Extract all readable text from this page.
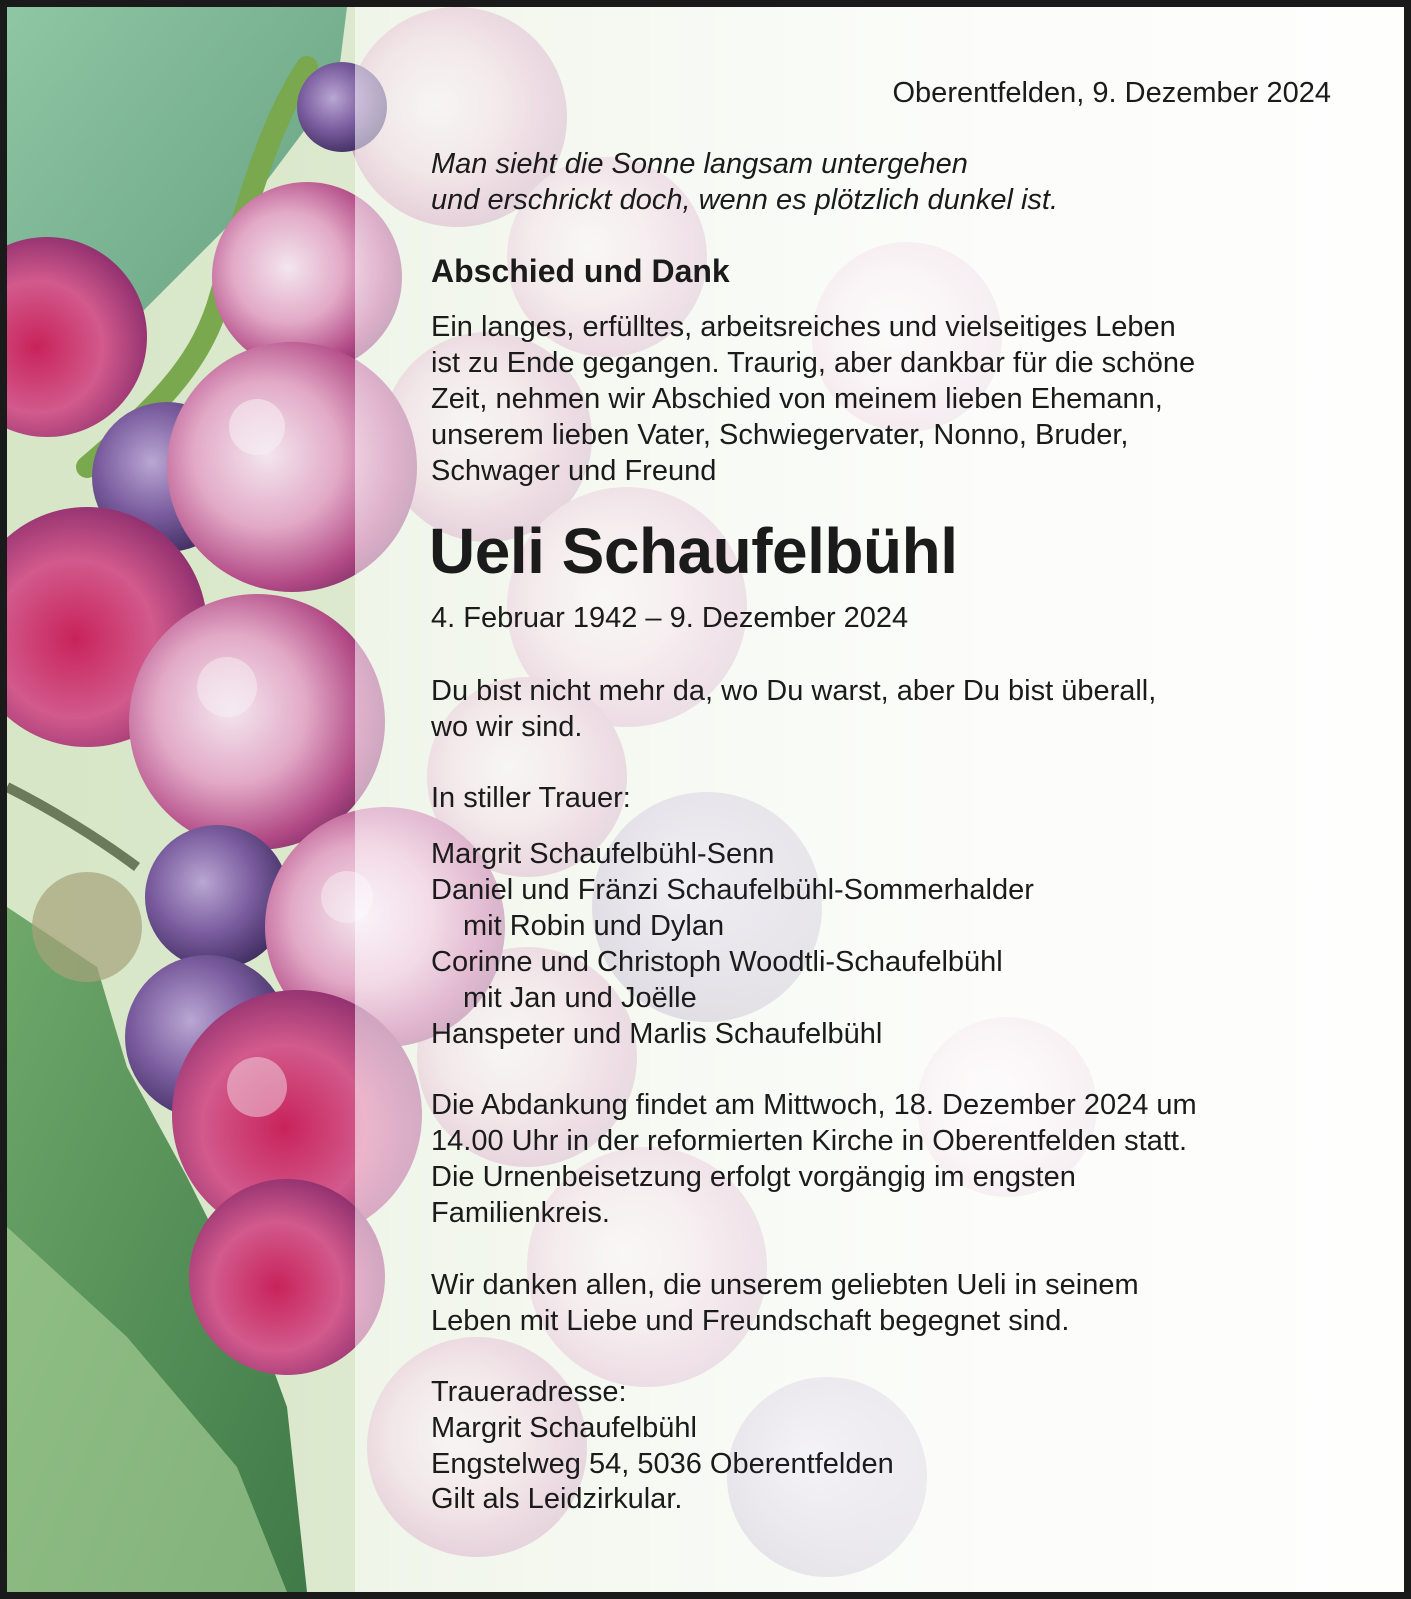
Oberentfelden, 9. Dezember 2024
Man sieht die Sonne langsam untergehen
und erschrickt doch, wenn es plötzlich dunkel ist.
Abschied und Dank
Ein langes, erfülltes, arbeitsreiches und vielseitiges Leben
ist zu Ende gegangen. Traurig, aber dankbar für die schöne
Zeit, nehmen wir Abschied von meinem lieben Ehemann,
unserem lieben Vater, Schwiegervater, Nonno, Bruder,
Schwager und Freund
Ueli Schaufelbühl
4. Februar 1942 – 9. Dezember 2024
Du bist nicht mehr da, wo Du warst, aber Du bist überall,
wo wir sind.
In stiller Trauer:
Margrit Schaufelbühl-Senn
Daniel und Fränzi Schaufelbühl-Sommerhalder
mit Robin und Dylan
Corinne und Christoph Woodtli-Schaufelbühl
mit Jan und Joëlle
Hanspeter und Marlis Schaufelbühl
Die Abdankung findet am Mittwoch, 18. Dezember 2024 um
14.00 Uhr in der reformierten Kirche in Oberentfelden statt.
Die Urnenbeisetzung erfolgt vorgängig im engsten
Familienkreis.
Wir danken allen, die unserem geliebten Ueli in seinem
Leben mit Liebe und Freundschaft begegnet sind.
Traueradresse:
Margrit Schaufelbühl
Engstelweg 54, 5036 Oberentfelden
Gilt als Leidzirkular.
